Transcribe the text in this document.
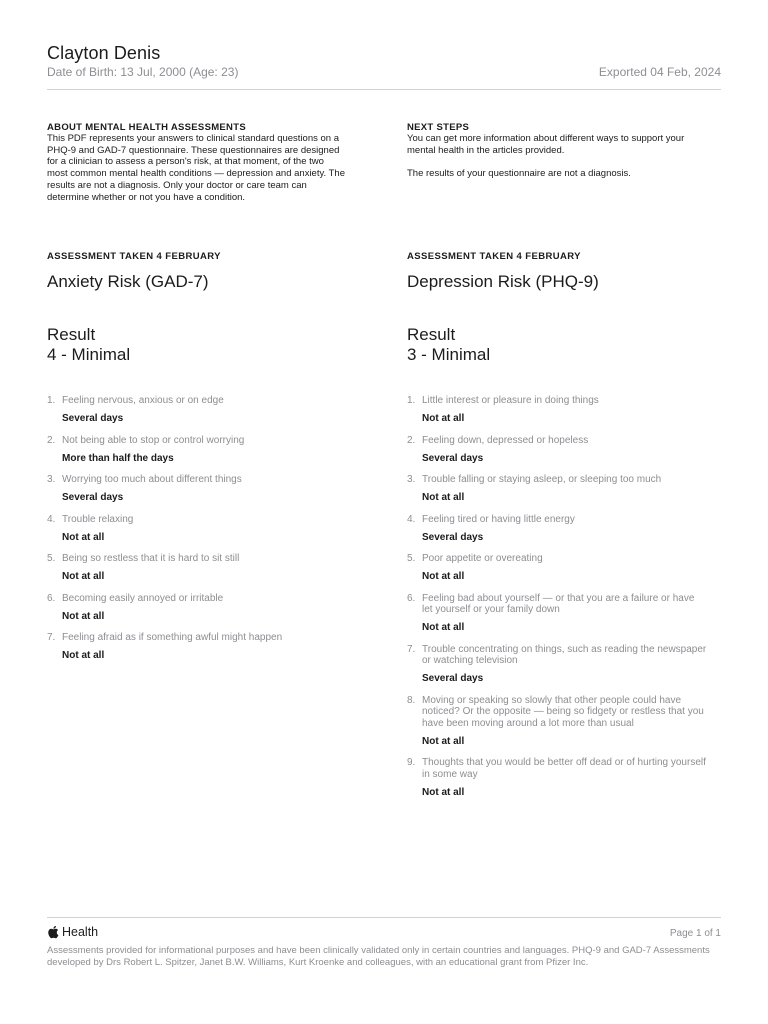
Clayton Denis
Date of Birth: 13 Jul, 2000 (Age: 23)	Exported 04 Feb, 2024
ABOUT MENTAL HEALTH ASSESSMENTS

This PDF represents your answers to clinical standard questions on a PHQ-9 and GAD-7 questionnaire. These questionnaires are designed for a clinician to assess a person's risk, at that moment, of the two most common mental health conditions — depression and anxiety. The results are not a diagnosis. Only your doctor or care team can determine whether or not you have a condition.

NEXT STEPS

You can get more information about different ways to support your mental health in the articles provided.

The results of your questionnaire are not a diagnosis.

ASSESSMENT TAKEN 4 FEBRUARY
Anxiety Risk (GAD-7)
Result
4 - Minimal
1. Feeling nervous, anxious or on edge
Several days
2. Not being able to stop or control worrying
More than half the days
3. Worrying too much about different things
Several days
4. Trouble relaxing
Not at all
5. Being so restless that it is hard to sit still
Not at all
6. Becoming easily annoyed or irritable
Not at all
7. Feeling afraid as if something awful might happen
Not at all
ASSESSMENT TAKEN 4 FEBRUARY
Depression Risk (PHQ-9)
Result
3 - Minimal
1. Little interest or pleasure in doing things
Not at all
2. Feeling down, depressed or hopeless
Several days
3. Trouble falling or staying asleep, or sleeping too much
Not at all
4. Feeling tired or having little energy
Several days
5. Poor appetite or overeating
Not at all
6. Feeling bad about yourself — or that you are a failure or have let yourself or your family down
Not at all
7. Trouble concentrating on things, such as reading the newspaper or watching television
Several days
8. Moving or speaking so slowly that other people could have noticed? Or the opposite — being so fidgety or restless that you have been moving around a lot more than usual
Not at all
9. Thoughts that you would be better off dead or of hurting yourself in some way
Not at all
Health	Page 1 of 1

Assessments provided for informational purposes and have been clinically validated only in certain countries and languages. PHQ-9 and GAD-7 Assessments developed by Drs Robert L. Spitzer, Janet B.W. Williams, Kurt Kroenke and colleagues, with an educational grant from Pfizer Inc.
